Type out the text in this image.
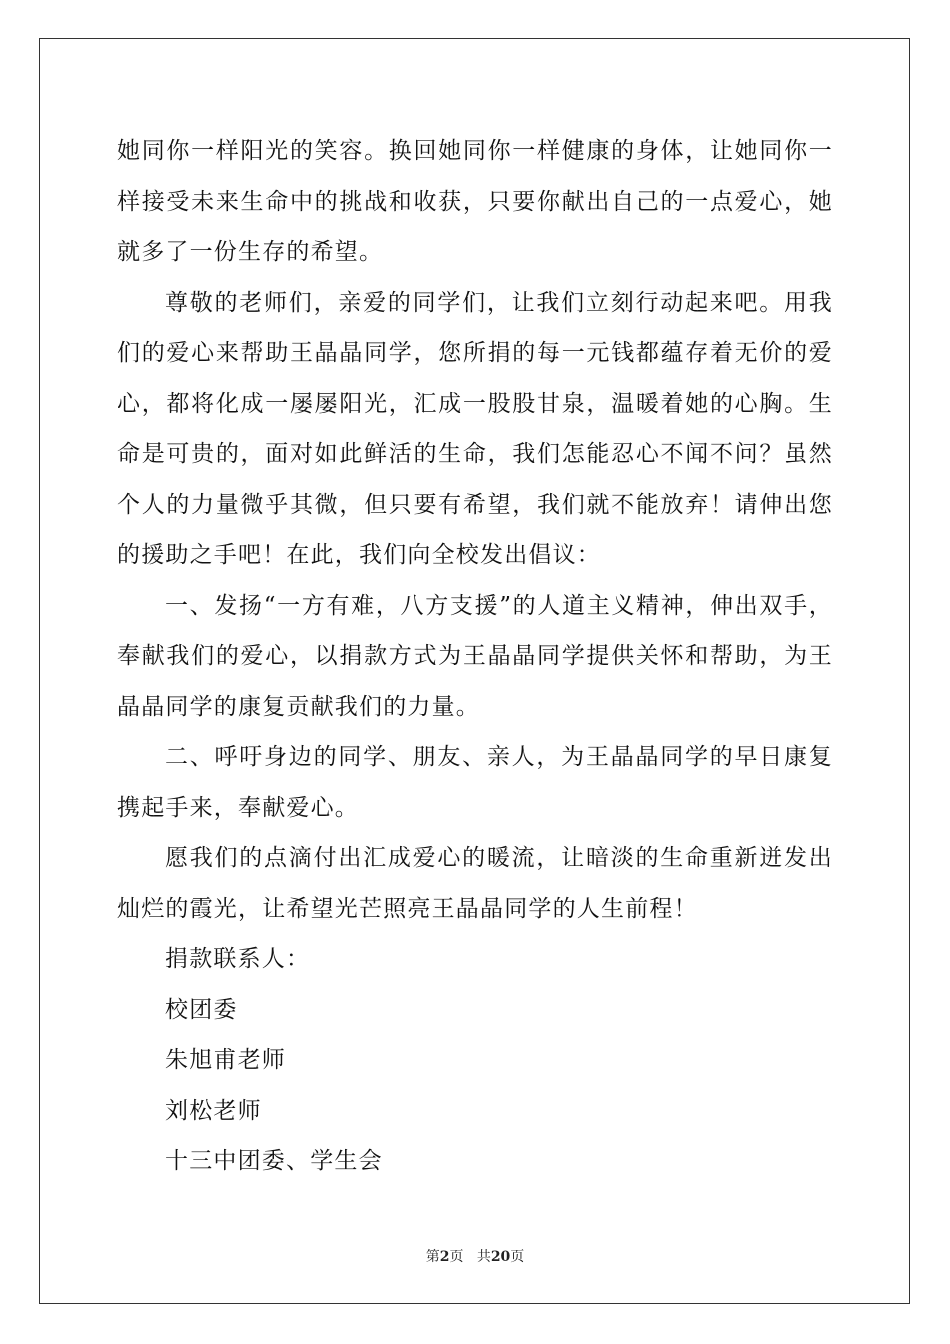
她同你一样阳光的笑容。换回她同你一样健康的身体，让她同你一样接受未来生命中的挑战和收获，只要你献出自己的一点爱心，她就多了一份生存的希望。

尊敬的老师们，亲爱的同学们，让我们立刻行动起来吧。用我们的爱心来帮助王晶晶同学，您所捐的每一元钱都蕴存着无价的爱心，都将化成一屡屡阳光，汇成一股股甘泉，温暖着她的心胸。生命是可贵的，面对如此鲜活的生命，我们怎能忍心不闻不问？虽然个人的力量微乎其微，但只要有希望，我们就不能放弃！请伸出您的援助之手吧！在此，我们向全校发出倡议：

一、发扬“一方有难，八方支援”的人道主义精神，伸出双手，奉献我们的爱心，以捐款方式为王晶晶同学提供关怀和帮助，为王晶晶同学的康复贡献我们的力量。

二、呼吁身边的同学、朋友、亲人，为王晶晶同学的早日康复携起手来，奉献爱心。

愿我们的点滴付出汇成爱心的暖流，让暗淡的生命重新迸发出灿烂的霞光，让希望光芒照亮王晶晶同学的人生前程！

捐款联系人：
校团委
朱旭甫老师
刘松老师
十三中团委、学生会
第2页 共20页
